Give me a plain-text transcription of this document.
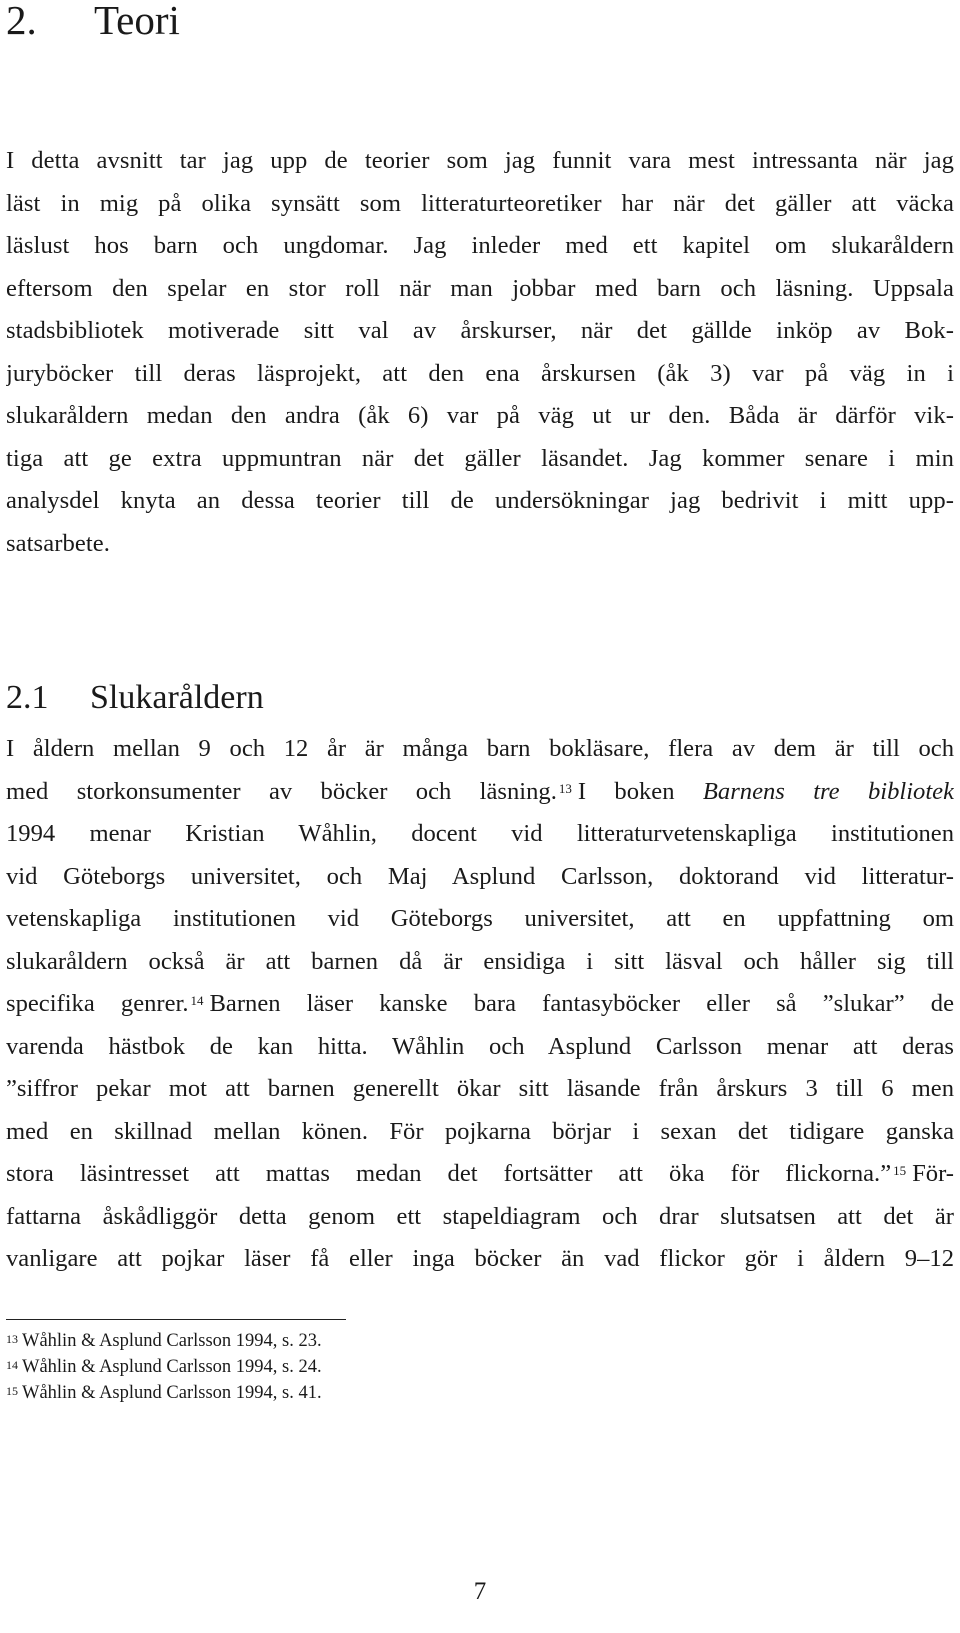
2. Teori

I detta avsnitt tar jag upp de teorier som jag funnit vara mest intressanta när jag
läst in mig på olika synsätt som litteraturteoretiker har när det gäller att väcka
läslust hos barn och ungdomar. Jag inleder med ett kapitel om slukaråldern
eftersom den spelar en stor roll när man jobbar med barn och läsning. Uppsala
stadsbibliotek motiverade sitt val av årskurser, när det gällde inköp av Bok-
juryböcker till deras läsprojekt, att den ena årskursen (åk 3) var på väg in i
slukaråldern medan den andra (åk 6) var på väg ut ur den. Båda är därför vik-
tiga att ge extra uppmuntran när det gäller läsandet. Jag kommer senare i min
analysdel knyta an dessa teorier till de undersökningar jag bedrivit i mitt upp-
satsarbete.

2.1 Slukaråldern

I åldern mellan 9 och 12 år är många barn bokläsare, flera av dem är till och
med storkonsumenter av böcker och läsning. $^{13}$ I boken Barnens tre bibliotek
1994 menar Kristian Wåhlin, docent vid litteraturvetenskapliga institutionen
vid Göteborgs universitet, och Maj Asplund Carlsson, doktorand vid litteratur-
vetenskapliga institutionen vid Göteborgs universitet, att en uppfattning om
slukaråldern också är att barnen då är ensidiga i sitt läsval och håller sig till
specifika genrer. $^{14}$ Barnen läser kanske bara fantasyböcker eller så ”slukar” de
varenda hästbok de kan hitta. Wåhlin och Asplund Carlsson menar att deras
”siffror pekar mot att barnen generellt ökar sitt läsande från årskurs 3 till 6 men
med en skillnad mellan könen. För pojkarna börjar i sexan det tidigare ganska
stora läsintresset att mattas medan det fortsätter att öka för flickorna.” $^{15}$ För-
fattarna åskådliggör detta genom ett stapeldiagram och drar slutsatsen att det är
vanligare att pojkar läser få eller inga böcker än vad flickor gör i åldern 9–12

$^{13}$ Wåhlin & Asplund Carlsson 1994, s. 23.
$^{14}$ Wåhlin & Asplund Carlsson 1994, s. 24.
$^{15}$ Wåhlin & Asplund Carlsson 1994, s. 41.
7
